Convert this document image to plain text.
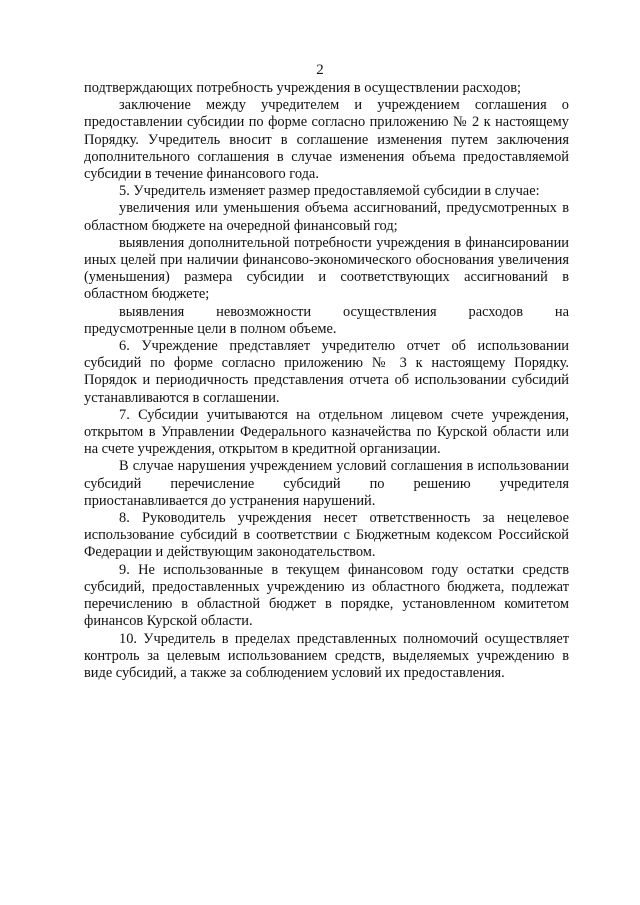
2

подтверждающих потребность учреждения в осуществлении расходов;

заключение между учредителем и учреждением соглашения о предоставлении субсидии по форме согласно приложению № 2 к настоящему Порядку. Учредитель вносит в соглашение изменения путем заключения дополнительного соглашения в случае изменения объема предоставляемой субсидии в течение финансового года.

5. Учредитель изменяет размер предоставляемой субсидии в случае:

увеличения или уменьшения объема ассигнований, предусмотренных в областном бюджете на очередной финансовый год;

выявления дополнительной потребности учреждения в финансировании иных целей при наличии финансово-экономического обоснования увеличения (уменьшения) размера субсидии и соответствующих ассигнований в областном бюджете;

выявления невозможности осуществления расходов на предусмотренные цели в полном объеме.

6. Учреждение представляет учредителю отчет об использовании субсидий по форме согласно приложению № 3 к настоящему Порядку. Порядок и периодичность представления отчета об использовании субсидий устанавливаются в соглашении.

7. Субсидии учитываются на отдельном лицевом счете учреждения, открытом в Управлении Федерального казначейства по Курской области или на счете учреждения, открытом в кредитной организации.

В случае нарушения учреждением условий соглашения в использовании субсидий перечисление субсидий по решению учредителя приостанавливается до устранения нарушений.

8. Руководитель учреждения несет ответственность за нецелевое использование субсидий в соответствии с Бюджетным кодексом Российской Федерации и действующим законодательством.

9. Не использованные в текущем финансовом году остатки средств субсидий, предоставленных учреждению из областного бюджета, подлежат перечислению в областной бюджет в порядке, установленном комитетом финансов Курской области.

10. Учредитель в пределах представленных полномочий осуществляет контроль за целевым использованием средств, выделяемых учреждению в виде субсидий, а также за соблюдением условий их предоставления.
